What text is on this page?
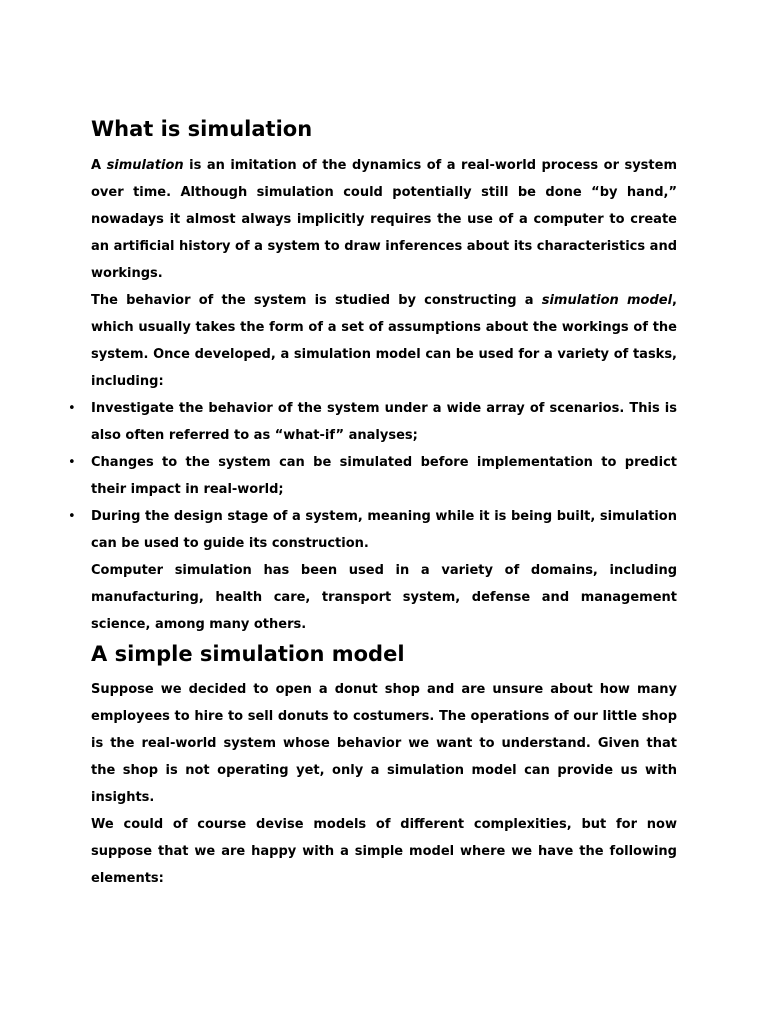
What is simulation

A simulation is an imitation of the dynamics of a real-world process or system over time. Although simulation could potentially still be done “by hand,” nowadays it almost always implicitly requires the use of a computer to create an artificial history of a system to draw inferences about its characteristics and workings.

The behavior of the system is studied by constructing a simulation model, which usually takes the form of a set of assumptions about the workings of the system. Once developed, a simulation model can be used for a variety of tasks, including:

• Investigate the behavior of the system under a wide array of scenarios. This is also often referred to as “what-if” analyses;
• Changes to the system can be simulated before implementation to predict their impact in real-world;
• During the design stage of a system, meaning while it is being built, simulation can be used to guide its construction.

Computer simulation has been used in a variety of domains, including manufacturing, health care, transport system, defense and management science, among many others.

A simple simulation model

Suppose we decided to open a donut shop and are unsure about how many employees to hire to sell donuts to costumers. The operations of our little shop is the real-world system whose behavior we want to understand. Given that the shop is not operating yet, only a simulation model can provide us with insights.

We could of course devise models of different complexities, but for now suppose that we are happy with a simple model where we have the following elements:
